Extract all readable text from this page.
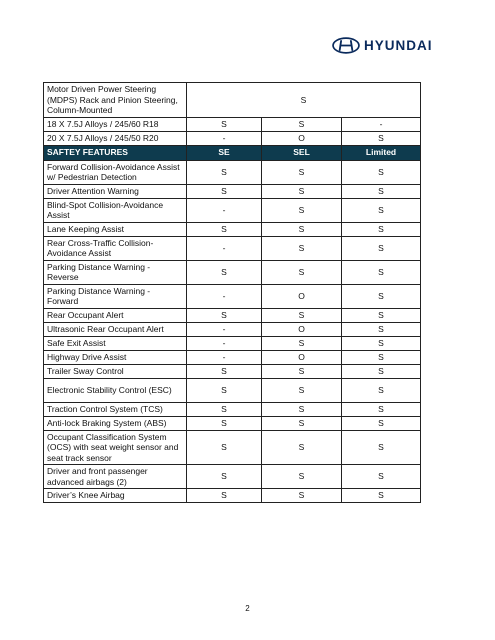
HYUNDAI
Motor Driven Power Steering (MDPS) Rack and Pinion Steering, Column-Mounted	S		
18 X 7.5J Alloys / 245/60 R18	S	S	-
20 X 7.5J Alloys / 245/50 R20	-	O	S
SAFTEY FEATURES	SE	SEL	Limited
Forward Collision-Avoidance Assist w/ Pedestrian Detection	S	S	S
Driver Attention Warning	S	S	S
Blind-Spot Collision-Avoidance Assist	-	S	S
Lane Keeping Assist	S	S	S
Rear Cross-Traffic Collision-Avoidance Assist	-	S	S
Parking Distance Warning - Reverse	S	S	S
Parking Distance Warning - Forward	-	O	S
Rear Occupant Alert	S	S	S
Ultrasonic Rear Occupant Alert	-	O	S
Safe Exit Assist	-	S	S
Highway Drive Assist	-	O	S
Trailer Sway Control	S	S	S
Electronic Stability Control (ESC)	S	S	S
Traction Control System (TCS)	S	S	S
Anti-lock Braking System (ABS)	S	S	S
Occupant Classification System (OCS) with seat weight sensor and seat track sensor	S	S	S
Driver and front passenger advanced airbags (2)	S	S	S
Driver’s Knee Airbag	S	S	S
2
